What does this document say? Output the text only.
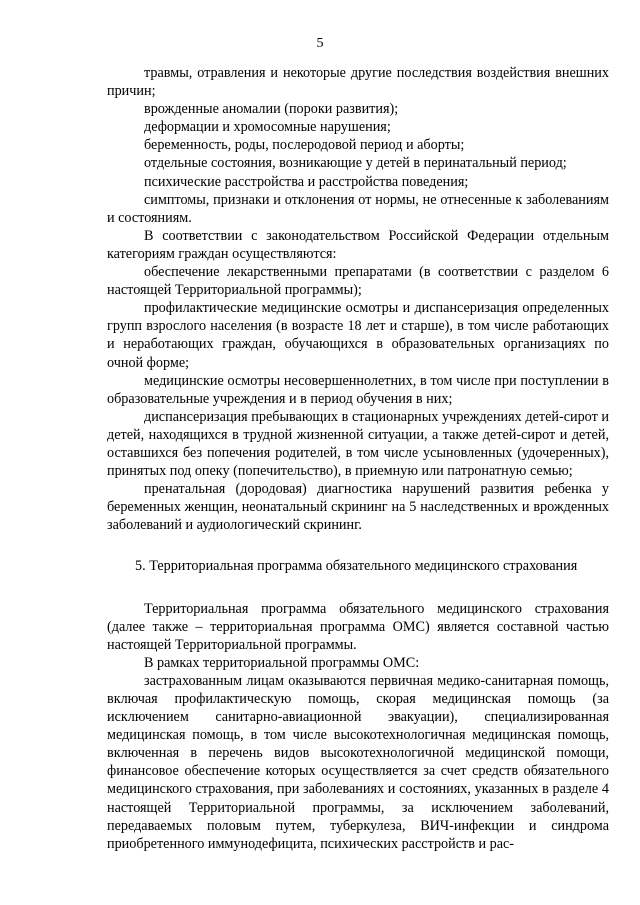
5

травмы, отравления и некоторые другие последствия воздействия внешних причин;

врожденные аномалии (пороки развития);

деформации и хромосомные нарушения;

беременность, роды, послеродовой период и аборты;

отдельные состояния, возникающие у детей в перинатальный период;

психические расстройства и расстройства поведения;

симптомы, признаки и отклонения от нормы, не отнесенные к заболеваниям и состояниям.

В соответствии с законодательством Российской Федерации отдельным категориям граждан осуществляются:

обеспечение лекарственными препаратами (в соответствии с разделом 6 настоящей Территориальной программы);

профилактические медицинские осмотры и диспансеризация определенных групп взрослого населения (в возрасте 18 лет и старше), в том числе работающих и неработающих граждан, обучающихся в образовательных организациях по очной форме;

медицинские осмотры несовершеннолетних, в том числе при поступлении в образовательные учреждения и в период обучения в них;

диспансеризация пребывающих в стационарных учреждениях детей-сирот и детей, находящихся в трудной жизненной ситуации, а также детей-сирот и детей, оставшихся без попечения родителей, в том числе усыновленных (удочеренных), принятых под опеку (попечительство), в приемную или патронатную семью;

пренатальная (дородовая) диагностика нарушений развития ребенка у беременных женщин, неонатальный скрининг на 5 наследственных и врожденных заболеваний и аудиологический скрининг.

5. Территориальная программа обязательного медицинского страхования

Территориальная программа обязательного медицинского страхования (далее также – территориальная программа ОМС) является составной частью настоящей Территориальной программы.

В рамках территориальной программы ОМС:

застрахованным лицам оказываются первичная медико-санитарная помощь, включая профилактическую помощь, скорая медицинская помощь (за исключением санитарно-авиационной эвакуации), специализированная медицинская помощь, в том числе высокотехнологичная медицинская помощь, включенная в перечень видов высокотехнологичной медицинской помощи, финансовое обеспечение которых осуществляется за счет средств обязательного медицинского страхования, при заболеваниях и состояниях, указанных в разделе 4 настоящей Территориальной программы, за исключением заболеваний, передаваемых половым путем, туберкулеза, ВИЧ-инфекции и синдрома приобретенного иммунодефицита, психических расстройств и рас-
